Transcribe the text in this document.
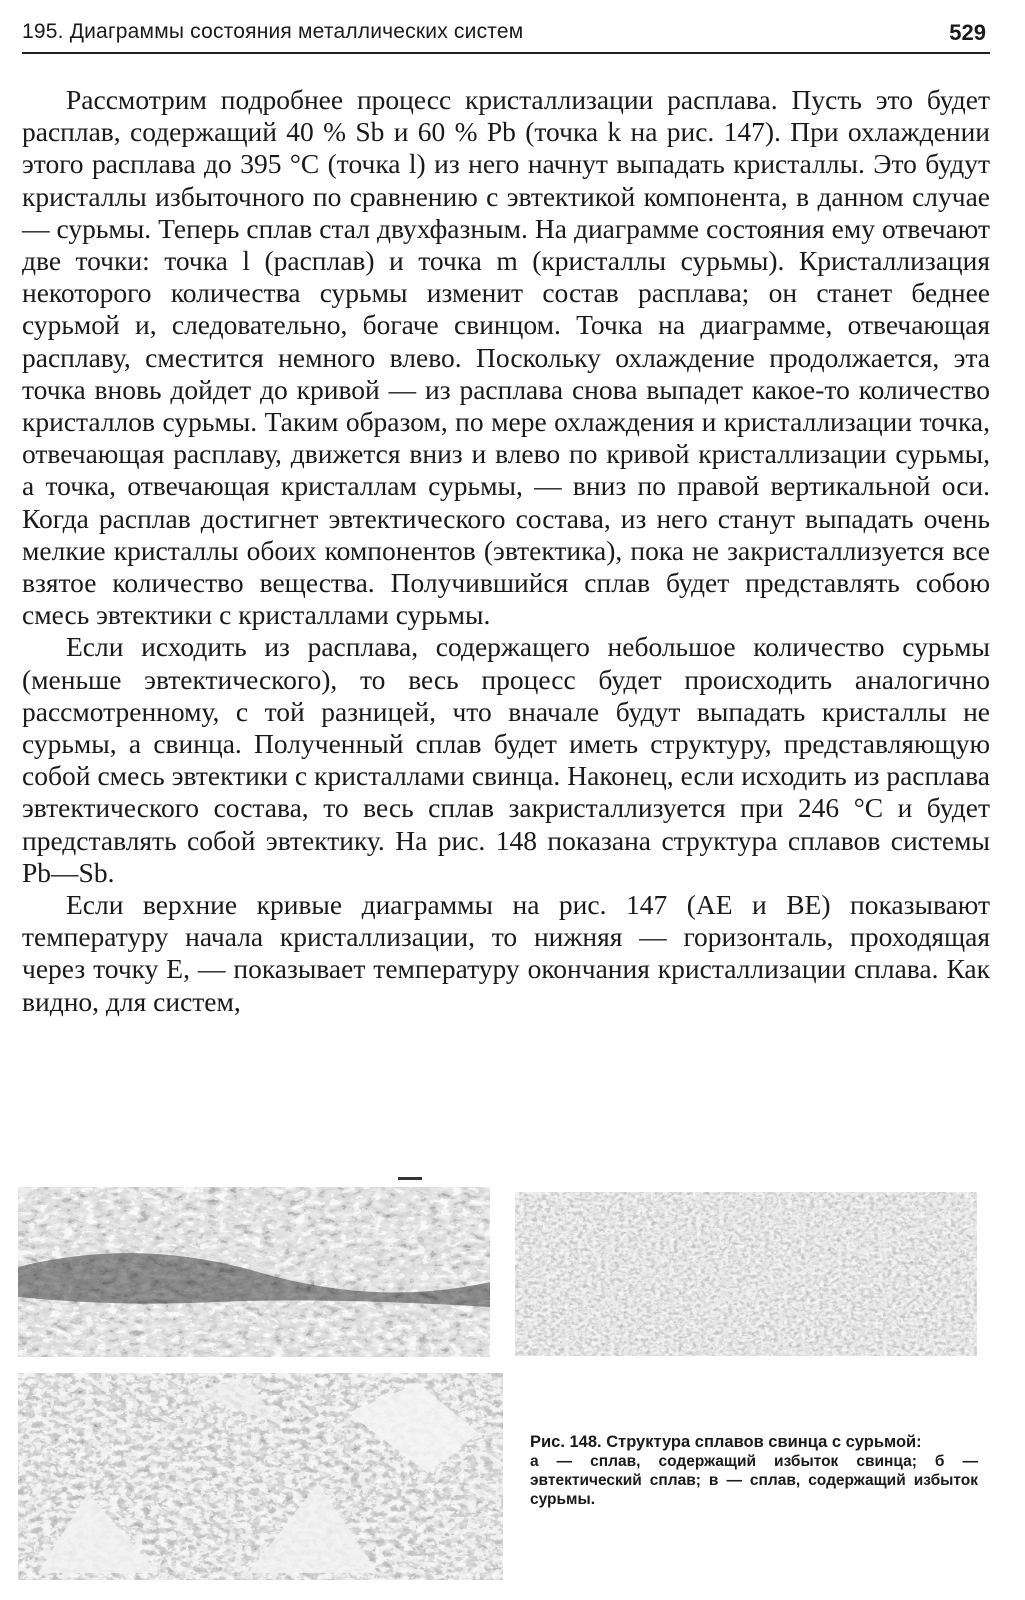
195. Диаграммы состояния металлических систем	529

Рассмотрим подробнее процесс кристаллизации расплава. Пусть это будет расплав, содержащий 40 % Sb и 60 % Pb (точка k на рис. 147). При охлаждении этого расплава до 395 °С (точка l) из него начнут выпадать кристаллы. Это будут кристаллы избыточного по сравнению с эвтектикой компонента, в данном случае — сурьмы. Теперь сплав стал двухфазным. На диаграмме состояния ему отвечают две точки: точка l (расплав) и точка m (кристаллы сурьмы). Кристаллизация некоторого количества сурьмы изменит состав расплава; он станет беднее сурьмой и, следовательно, богаче свинцом. Точка на диаграмме, отвечающая расплаву, сместится немного влево. Поскольку охлаждение продолжается, эта точка вновь дойдет до кривой — из расплава снова выпадет какое-то количество кристаллов сурьмы. Таким образом, по мере охлаждения и кристаллизации точка, отвечающая расплаву, движется вниз и влево по кривой кристаллизации сурьмы, а точка, отвечающая кристаллам сурьмы, — вниз по правой вертикальной оси. Когда расплав достигнет эвтектического состава, из него станут выпадать очень мелкие кристаллы обоих компонентов (эвтектика), пока не закристаллизуется все взятое количество вещества. Получившийся сплав будет представлять собою смесь эвтектики с кристаллами сурьмы.

Если исходить из расплава, содержащего небольшое количество сурьмы (меньше эвтектического), то весь процесс будет происходить аналогично рассмотренному, с той разницей, что вначале будут выпадать кристаллы не сурьмы, а свинца. Полученный сплав будет иметь структуру, представляющую собой смесь эвтектики с кристаллами свинца. Наконец, если исходить из расплава эвтектического состава, то весь сплав закристаллизуется при 246 °С и будет представлять собой эвтектику. На рис. 148 показана структура сплавов системы Pb—Sb.

Если верхние кривые диаграммы на рис. 147 (AE и BE) показывают температуру начала кристаллизации, то нижняя — горизонталь, проходящая через точку E, — показывает температуру окончания кристаллизации сплава. Как видно, для систем,

Рис. 148. Структура сплавов свинца с сурьмой:
а — сплав, содержащий избыток свинца; б — эвтектический сплав; в — сплав, содержащий избыток сурьмы.
